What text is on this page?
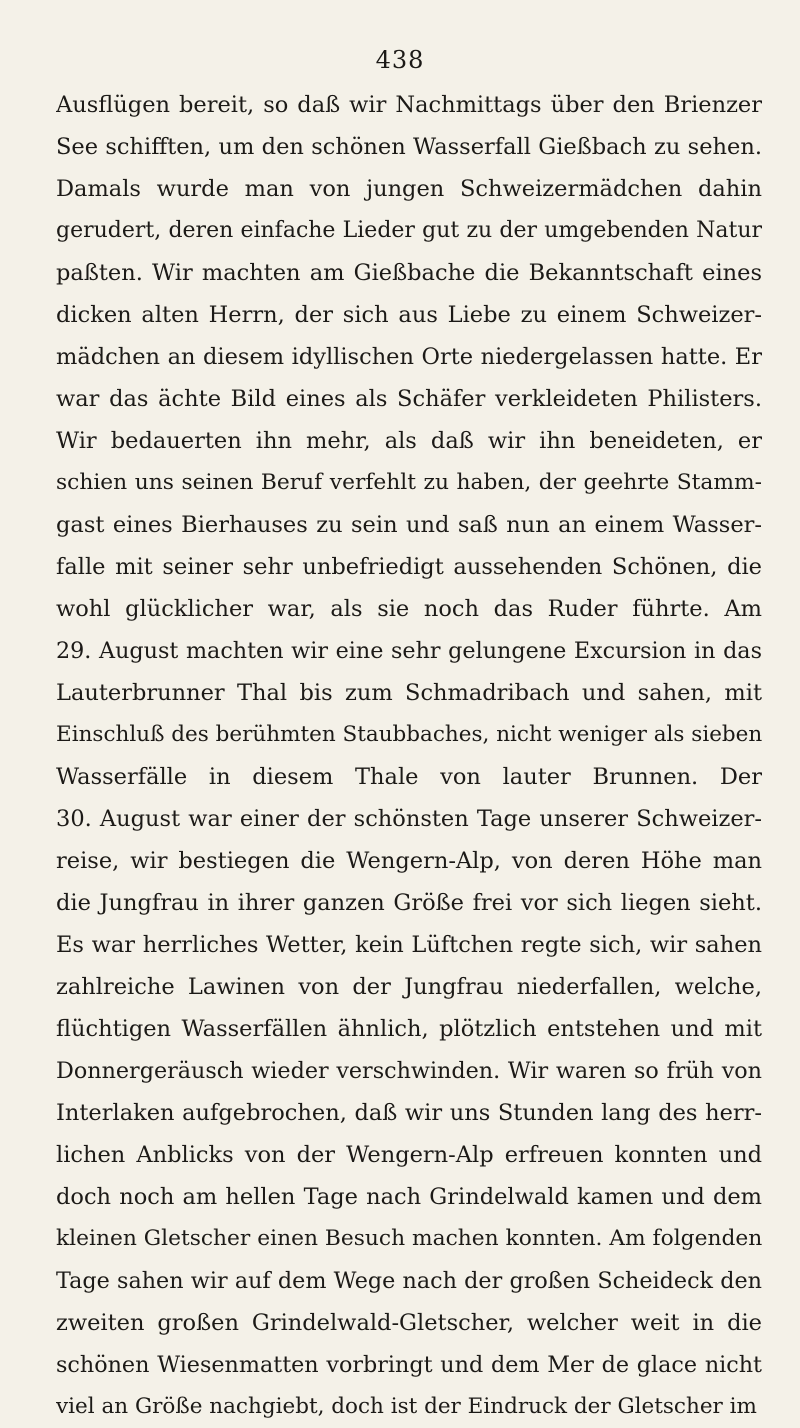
438
Ausflügen bereit, so daß wir Nachmittags über den Brienzer
See schifften, um den schönen Wasserfall Gießbach zu sehen.
Damals wurde man von jungen Schweizermädchen dahin
gerudert, deren einfache Lieder gut zu der umgebenden Natur
paßten. Wir machten am Gießbache die Bekanntschaft eines
dicken alten Herrn, der sich aus Liebe zu einem Schweizer-
mädchen an diesem idyllischen Orte niedergelassen hatte. Er
war das ächte Bild eines als Schäfer verkleideten Philisters.
Wir bedauerten ihn mehr, als daß wir ihn beneideten, er
schien uns seinen Beruf verfehlt zu haben, der geehrte Stamm-
gast eines Bierhauses zu sein und saß nun an einem Wasser-
falle mit seiner sehr unbefriedigt aussehenden Schönen, die
wohl glücklicher war, als sie noch das Ruder führte. Am
29. August machten wir eine sehr gelungene Excursion in das
Lauterbrunner Thal bis zum Schmadribach und sahen, mit
Einschluß des berühmten Staubbaches, nicht weniger als sieben
Wasserfälle in diesem Thale von lauter Brunnen. Der
30. August war einer der schönsten Tage unserer Schweizer-
reise, wir bestiegen die Wengern-Alp, von deren Höhe man
die Jungfrau in ihrer ganzen Größe frei vor sich liegen sieht.
Es war herrliches Wetter, kein Lüftchen regte sich, wir sahen
zahlreiche Lawinen von der Jungfrau niederfallen, welche,
flüchtigen Wasserfällen ähnlich, plötzlich entstehen und mit
Donnergeräusch wieder verschwinden. Wir waren so früh von
Interlaken aufgebrochen, daß wir uns Stunden lang des herr-
lichen Anblicks von der Wengern-Alp erfreuen konnten und
doch noch am hellen Tage nach Grindelwald kamen und dem
kleinen Gletscher einen Besuch machen konnten. Am folgenden
Tage sahen wir auf dem Wege nach der großen Scheideck den
zweiten großen Grindelwald-Gletscher, welcher weit in die
schönen Wiesenmatten vorbringt und dem Mer de glace nicht
viel an Größe nachgiebt, doch ist der Eindruck der Gletscher im
